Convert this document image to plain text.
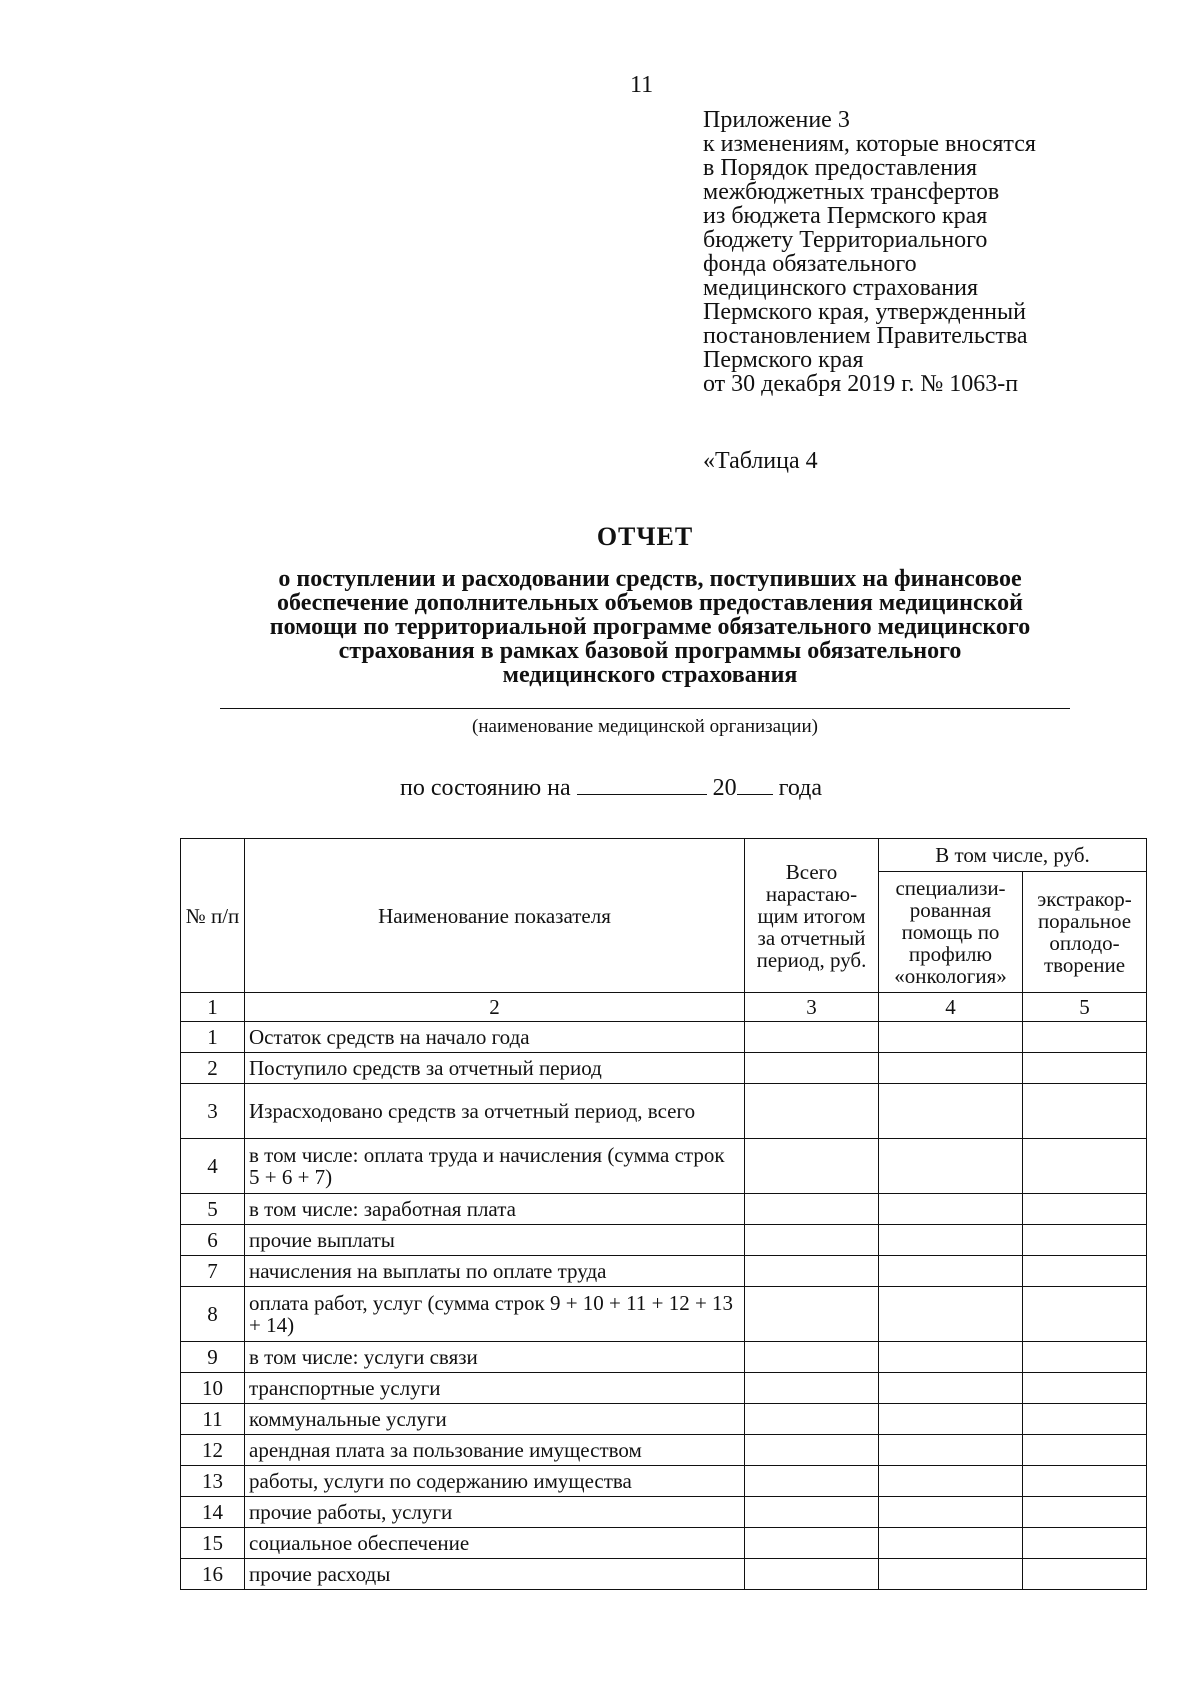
11
Приложение 3
к изменениям, которые вносятся
в Порядок предоставления
межбюджетных трансфертов
из бюджета Пермского края
бюджету Территориального
фонда обязательного
медицинского страхования
Пермского края, утвержденный
постановлением Правительства
Пермского края
от 30 декабря 2019 г. № 1063-п
«Таблица 4
ОТЧЕТ
о поступлении и расходовании средств, поступивших на финансовое
обеспечение дополнительных объемов предоставления медицинской
помощи по территориальной программе обязательного медицинского
страхования в рамках базовой программы обязательного
медицинского страхования
(наименование медицинской организации)
по состоянию на	20 года
№ п/п	Наименование показателя	Всего нарастаю-щим итогом за отчетный период, руб.	В том числе, руб.	
			специализи-рованная помощь по профилю «онкология»	экстракор-поральное оплодо-творение
1	2	3	4	5
1	Остаток средств на начало года			
2	Поступило средств за отчетный период			
3	Израсходовано средств за отчетный период, всего			
4	в том числе: оплата труда и начисления (сумма строк 5 + 6 + 7)			
5	в том числе: заработная плата			
6	прочие выплаты			
7	начисления на выплаты по оплате труда			
8	оплата работ, услуг (сумма строк 9 + 10 + 11 + 12 + 13 + 14)			
9	в том числе: услуги связи			
10	транспортные услуги			
11	коммунальные услуги			
12	арендная плата за пользование имуществом			
13	работы, услуги по содержанию имущества			
14	прочие работы, услуги			
15	социальное обеспечение			
16	прочие расходы			
